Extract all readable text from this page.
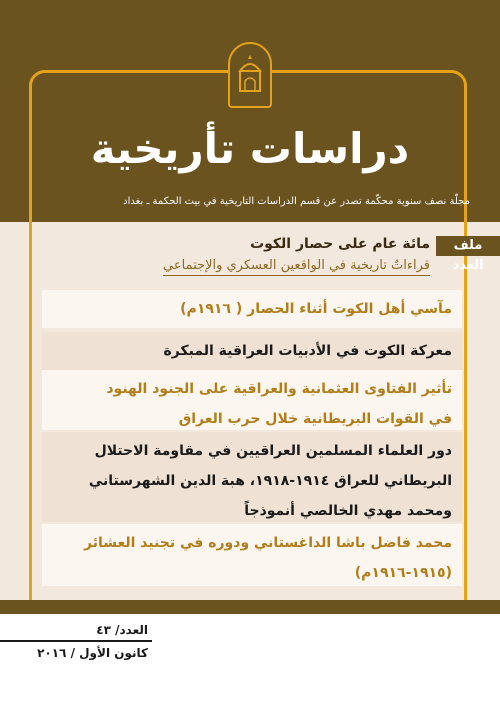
دراسات تأريخية
مجلّة نصف سنوية محكّمة تصدر عن قسم الدراسات التاريخية في بيت الحكمة ـ بغداد
ملف العدد
مائة عام على حصار الكوت
قراءاتٌ تاريخية في الواقعين العسكري والإجتماعي
مآسي أهل الكوت أثناء الحصار ( ١٩١٦م)
معركة الكوت في الأدبيات العراقية المبكرة
تأثير الفتاوى العثمانية والعراقية على الجنود الهنود
في القوات البريطانية خلال حرب العراق
دور العلماء المسلمين العراقيين في مقاومة الاحتلال
البريطاني للعراق ١٩١٤-١٩١٨، هبة الدين الشهرستاني
ومحمد مهدي الخالصي أنموذجاً
محمد فاضل باشا الداغستاني ودوره في تجنيد العشائر
(١٩١٥-١٩١٦م)
العدد/ ٤٣
كانون الأول / ٢٠١٦
